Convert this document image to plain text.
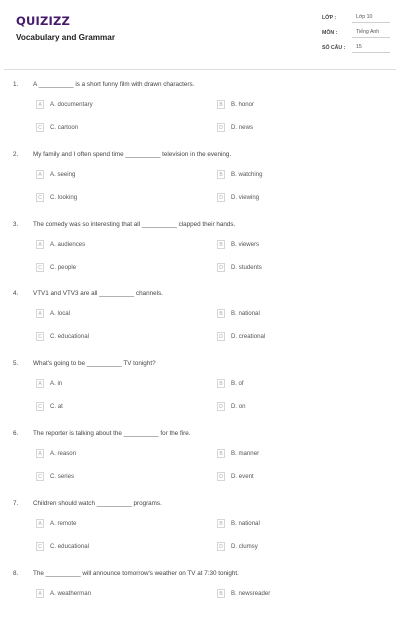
QUIZIZZ
Vocabulary and Grammar
LỚP :	Lớp 10
MÔN :	Tiếng Anh
SỐ CÂU :	15
1. A __________ is a short funny film with drawn characters.
A	A. documentary	B	B. honor
C	C. cartoon	D	D. news
2. My family and I often spend time __________ television in the evening.
A	A. seeing	B	B. watching
C	C. looking	D	D. viewing
3. The comedy was so interesting that all __________ clapped their hands.
A	A. audiences	B	B. viewers
C	C. people	D	D. students
4. VTV1 and VTV3 are all __________ channels.
A	A. local	B	B. national
C	C. educational	D	D. creational
5. What's going to be __________ TV tonight?
A	A. in	B	B. of
C	C. at	D	D. on
6. The reporter is talking about the __________ for the fire.
A	A. reason	B	B. manner
C	C. series	D	D. event
7. Children should watch __________ programs.
A	A. remote	B	B. national
C	C. educational	D	D. clumsy
8. The __________ will announce tomorrow's weather on TV at 7:30 tonight.
A	A. weatherman	B	B. newsreader
